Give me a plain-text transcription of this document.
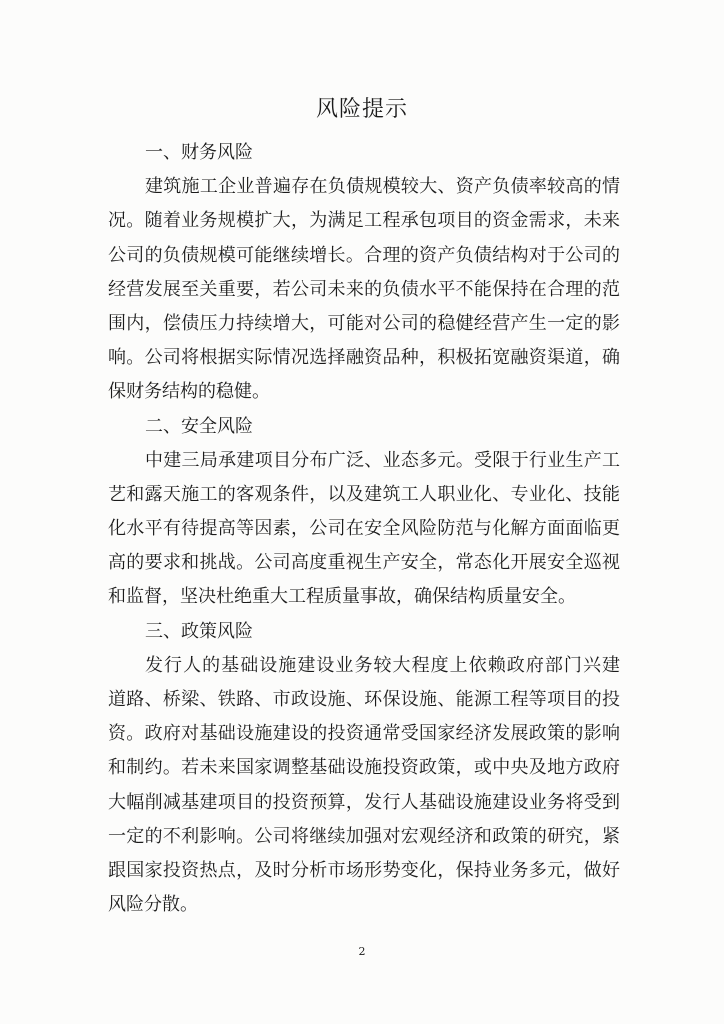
风险提示
一、财务风险
建筑施工企业普遍存在负债规模较大、资产负债率较高的情
况。随着业务规模扩大，为满足工程承包项目的资金需求，未来
公司的负债规模可能继续增长。合理的资产负债结构对于公司的
经营发展至关重要，若公司未来的负债水平不能保持在合理的范
围内，偿债压力持续增大，可能对公司的稳健经营产生一定的影
响。公司将根据实际情况选择融资品种，积极拓宽融资渠道，确
保财务结构的稳健。
二、安全风险
中建三局承建项目分布广泛、业态多元。受限于行业生产工
艺和露天施工的客观条件，以及建筑工人职业化、专业化、技能
化水平有待提高等因素，公司在安全风险防范与化解方面面临更
高的要求和挑战。公司高度重视生产安全，常态化开展安全巡视
和监督，坚决杜绝重大工程质量事故，确保结构质量安全。
三、政策风险
发行人的基础设施建设业务较大程度上依赖政府部门兴建
道路、桥梁、铁路、市政设施、环保设施、能源工程等项目的投
资。政府对基础设施建设的投资通常受国家经济发展政策的影响
和制约。若未来国家调整基础设施投资政策，或中央及地方政府
大幅削减基建项目的投资预算，发行人基础设施建设业务将受到
一定的不利影响。公司将继续加强对宏观经济和政策的研究，紧
跟国家投资热点，及时分析市场形势变化，保持业务多元，做好
风险分散。
2
